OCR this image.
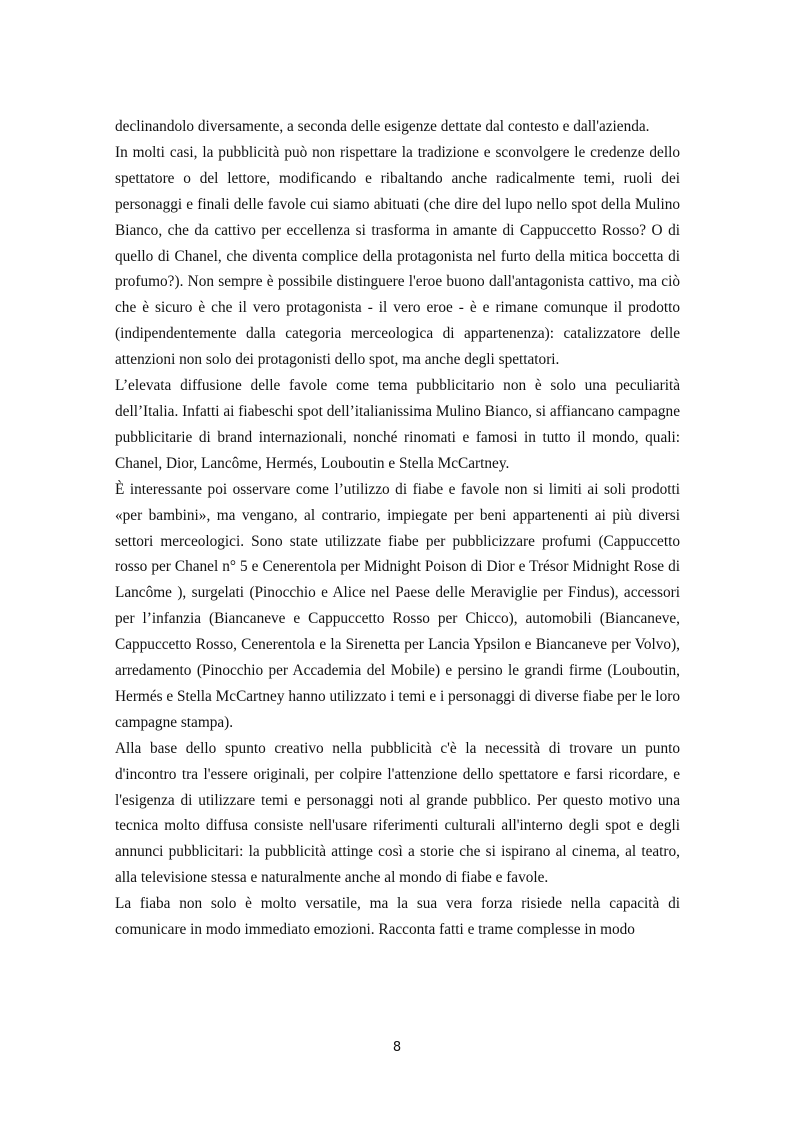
declinandolo diversamente, a seconda delle esigenze dettate dal contesto e dall'azienda.

In molti casi, la pubblicità può non rispettare la tradizione e sconvolgere le credenze dello spettatore o del lettore, modificando e ribaltando anche radicalmente temi, ruoli dei personaggi e finali delle favole cui siamo abituati (che dire del lupo nello spot della Mulino Bianco, che da cattivo per eccellenza si trasforma in amante di Cappuccetto Rosso? O di quello di Chanel, che diventa complice della protagonista nel furto della mitica boccetta di profumo?). Non sempre è possibile distinguere l'eroe buono dall'antagonista cattivo, ma ciò che è sicuro è che il vero protagonista - il vero eroe - è e rimane comunque il prodotto (indipendentemente dalla categoria merceologica di appartenenza): catalizzatore delle attenzioni non solo dei protagonisti dello spot, ma anche degli spettatori.

L’elevata diffusione delle favole come tema pubblicitario non è solo una peculiarità dell’Italia. Infatti ai fiabeschi spot dell’italianissima Mulino Bianco, si affiancano campagne pubblicitarie di brand internazionali, nonché rinomati e famosi in tutto il mondo, quali: Chanel, Dior, Lancôme, Hermés, Louboutin e Stella McCartney.

È interessante poi osservare come l’utilizzo di fiabe e favole non si limiti ai soli prodotti «per bambini», ma vengano, al contrario, impiegate per beni appartenenti ai più diversi settori merceologici. Sono state utilizzate fiabe per pubblicizzare profumi (Cappuccetto rosso per Chanel n° 5 e Cenerentola per Midnight Poison di Dior e Trésor Midnight Rose di Lancôme ), surgelati (Pinocchio e Alice nel Paese delle Meraviglie per Findus), accessori per l’infanzia (Biancaneve e Cappuccetto Rosso per Chicco), automobili (Biancaneve, Cappuccetto Rosso, Cenerentola e la Sirenetta per Lancia Ypsilon e Biancaneve per Volvo), arredamento (Pinocchio per Accademia del Mobile) e persino le grandi firme (Louboutin, Hermés e Stella McCartney hanno utilizzato i temi e i personaggi di diverse fiabe per le loro campagne stampa).

Alla base dello spunto creativo nella pubblicità c'è la necessità di trovare un punto d'incontro tra l'essere originali, per colpire l'attenzione dello spettatore e farsi ricordare, e l'esigenza di utilizzare temi e personaggi noti al grande pubblico. Per questo motivo una tecnica molto diffusa consiste nell'usare riferimenti culturali all'interno degli spot e degli annunci pubblicitari: la pubblicità attinge così a storie che si ispirano al cinema, al teatro, alla televisione stessa e naturalmente anche al mondo di fiabe e favole.

La fiaba non solo è molto versatile, ma la sua vera forza risiede nella capacità di comunicare in modo immediato emozioni. Racconta fatti e trame complesse in modo

8
